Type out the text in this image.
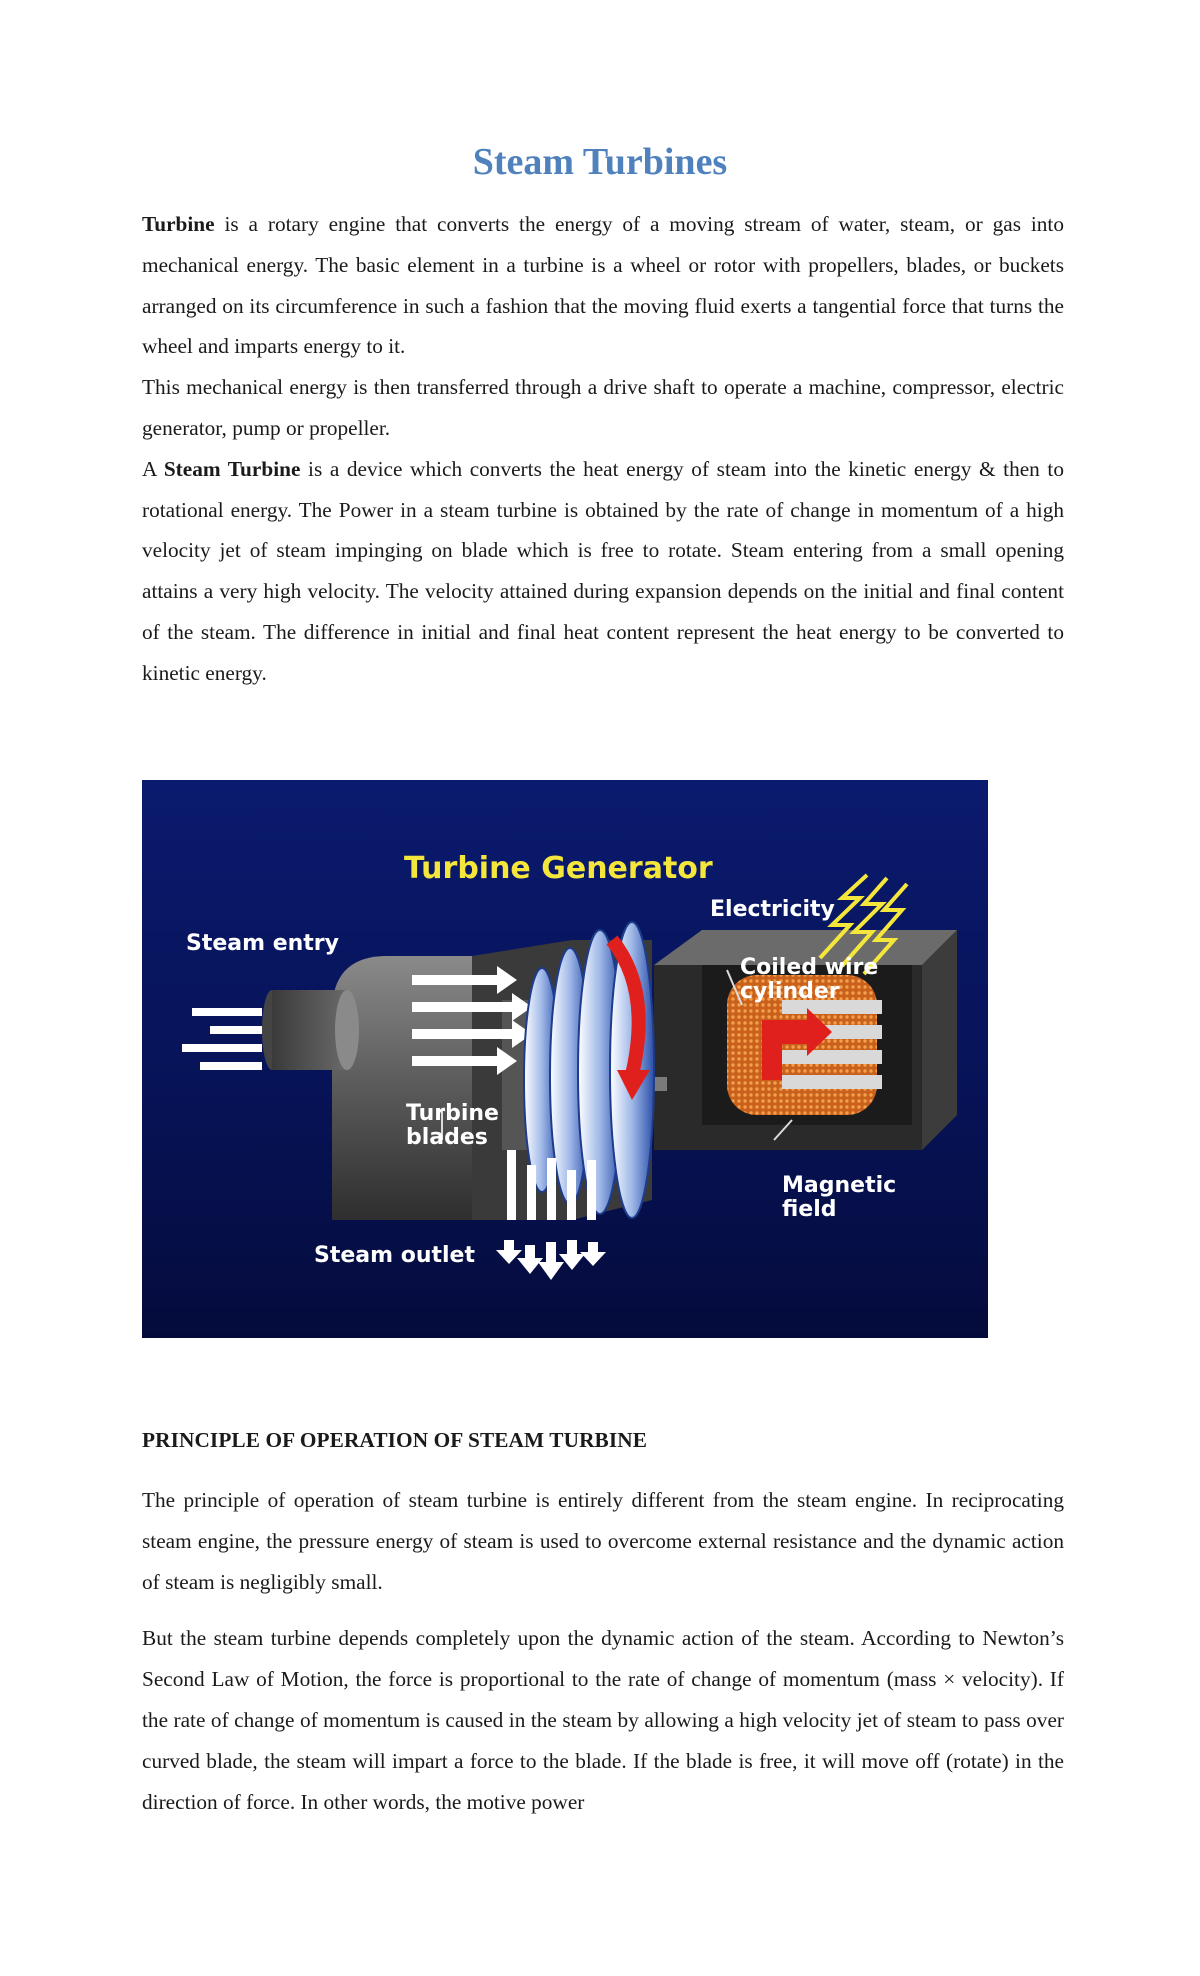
Steam Turbines

Turbine is a rotary engine that converts the energy of a moving stream of water, steam, or gas into mechanical energy. The basic element in a turbine is a wheel or rotor with propellers, blades, or buckets arranged on its circumference in such a fashion that the moving fluid exerts a tangential force that turns the wheel and imparts energy to it.

This mechanical energy is then transferred through a drive shaft to operate a machine, compressor, electric generator, pump or propeller.

A Steam Turbine is a device which converts the heat energy of steam into the kinetic energy & then to rotational energy. The Power in a steam turbine is obtained by the rate of change in momentum of a high velocity jet of steam impinging on blade which is free to rotate. Steam entering from a small opening attains a very high velocity. The velocity attained during expansion depends on the initial and final content of the steam. The difference in initial and final heat content represent the heat energy to be converted to kinetic energy.

Turbine Generator
Steam entry
Electricity
Coiled wire
cylinder
Turbine
blades
Magnetic
field
Steam outlet
PRINCIPLE OF OPERATION OF STEAM TURBINE

The principle of operation of steam turbine is entirely different from the steam engine. In reciprocating steam engine, the pressure energy of steam is used to overcome external resistance and the dynamic action of steam is negligibly small.

But the steam turbine depends completely upon the dynamic action of the steam. According to Newton’s Second Law of Motion, the force is proportional to the rate of change of momentum (mass × velocity). If the rate of change of momentum is caused in the steam by allowing a high velocity jet of steam to pass over curved blade, the steam will impart a force to the blade. If the blade is free, it will move off (rotate) in the direction of force. In other words, the motive power
